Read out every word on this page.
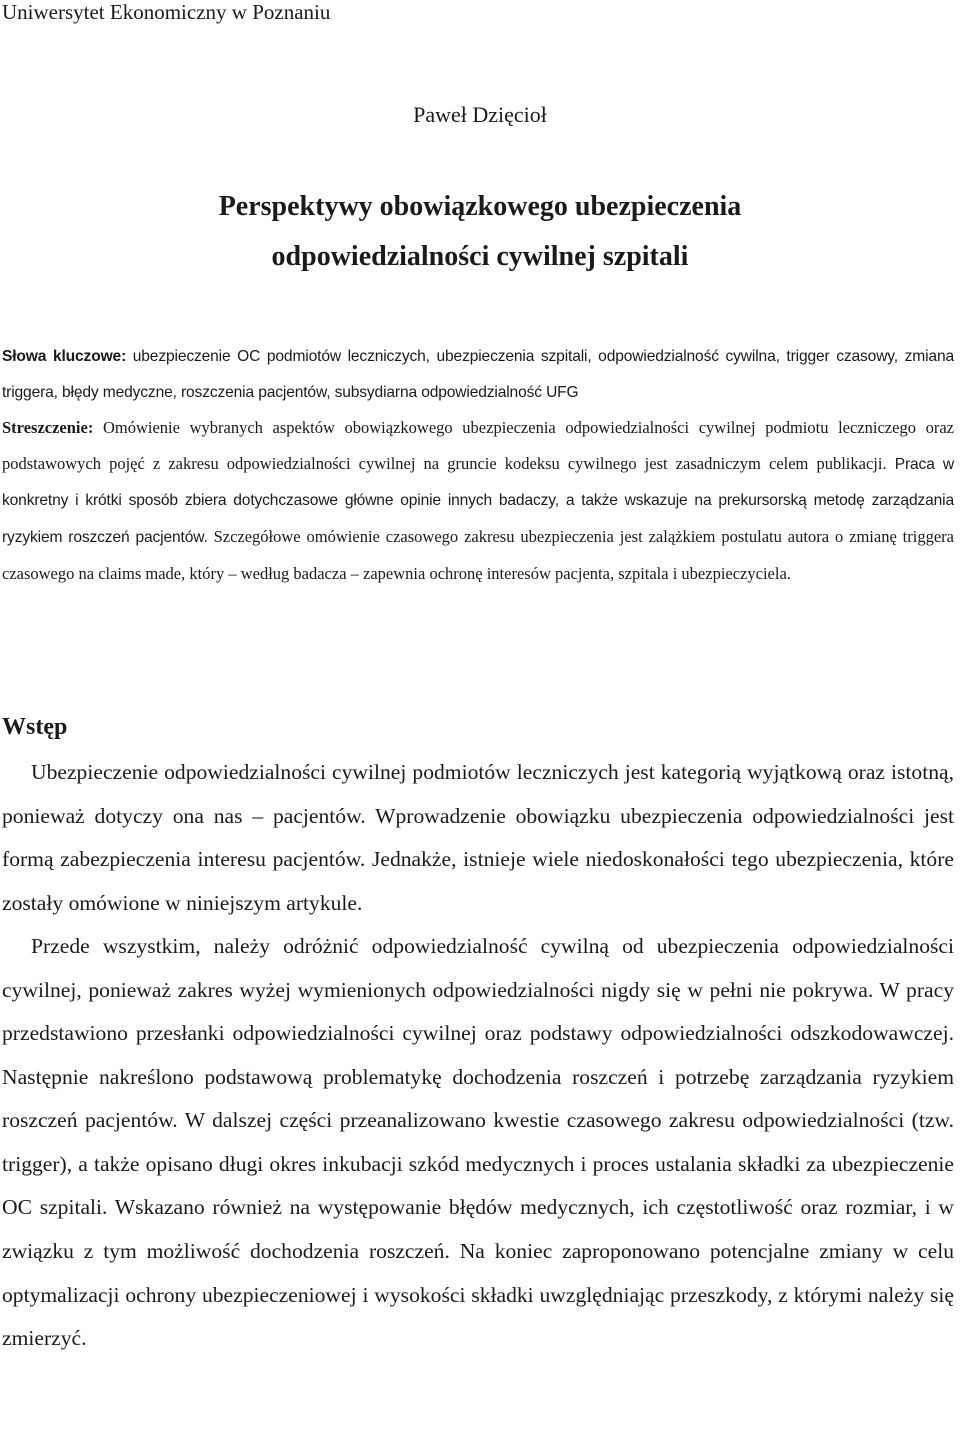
Uniwersytet Ekonomiczny w Poznaniu
Paweł Dzięcioł
Perspektywy obowiązkowego ubezpieczenia
odpowiedzialności cywilnej szpitali

Słowa kluczowe: ubezpieczenie OC podmiotów leczniczych, ubezpieczenia szpitali, odpowiedzialność cywilna, trigger czasowy, zmiana triggera, błędy medyczne, roszczenia pacjentów, subsydiarna odpowiedzialność UFG

Streszczenie: Omówienie wybranych aspektów obowiązkowego ubezpieczenia odpowiedzialności cywilnej podmiotu leczniczego oraz podstawowych pojęć z zakresu odpowiedzialności cywilnej na gruncie kodeksu cywilnego jest zasadniczym celem publikacji. Praca w konkretny i krótki sposób zbiera dotychczasowe główne opinie innych badaczy, a także wskazuje na prekursorską metodę zarządzania ryzykiem roszczeń pacjentów. Szczegółowe omówienie czasowego zakresu ubezpieczenia jest zalążkiem postulatu autora o zmianę triggera czasowego na claims made, który – według badacza – zapewnia ochronę interesów pacjenta, szpitala i ubezpieczyciela.

Wstęp

Ubezpieczenie odpowiedzialności cywilnej podmiotów leczniczych jest kategorią wyjątkową oraz istotną, ponieważ dotyczy ona nas – pacjentów. Wprowadzenie obowiązku ubezpieczenia odpowiedzialności jest formą zabezpieczenia interesu pacjentów. Jednakże, istnieje wiele niedoskonałości tego ubezpieczenia, które zostały omówione w niniejszym artykule.

Przede wszystkim, należy odróżnić odpowiedzialność cywilną od ubezpieczenia odpowiedzialności cywilnej, ponieważ zakres wyżej wymienionych odpowiedzialności nigdy się w pełni nie pokrywa. W pracy przedstawiono przesłanki odpowiedzialności cywilnej oraz podstawy odpowiedzialności odszkodowawczej. Następnie nakreślono podstawową problematykę dochodzenia roszczeń i potrzebę zarządzania ryzykiem roszczeń pacjentów. W dalszej części przeanalizowano kwestie czasowego zakresu odpowiedzialności (tzw. trigger), a także opisano długi okres inkubacji szkód medycznych i proces ustalania składki za ubezpieczenie OC szpitali. Wskazano również na występowanie błędów medycznych, ich częstotliwość oraz rozmiar, i w związku z tym możliwość dochodzenia roszczeń. Na koniec zaproponowano potencjalne zmiany w celu optymalizacji ochrony ubezpieczeniowej i wysokości składki uwzględniając przeszkody, z którymi należy się zmierzyć.
